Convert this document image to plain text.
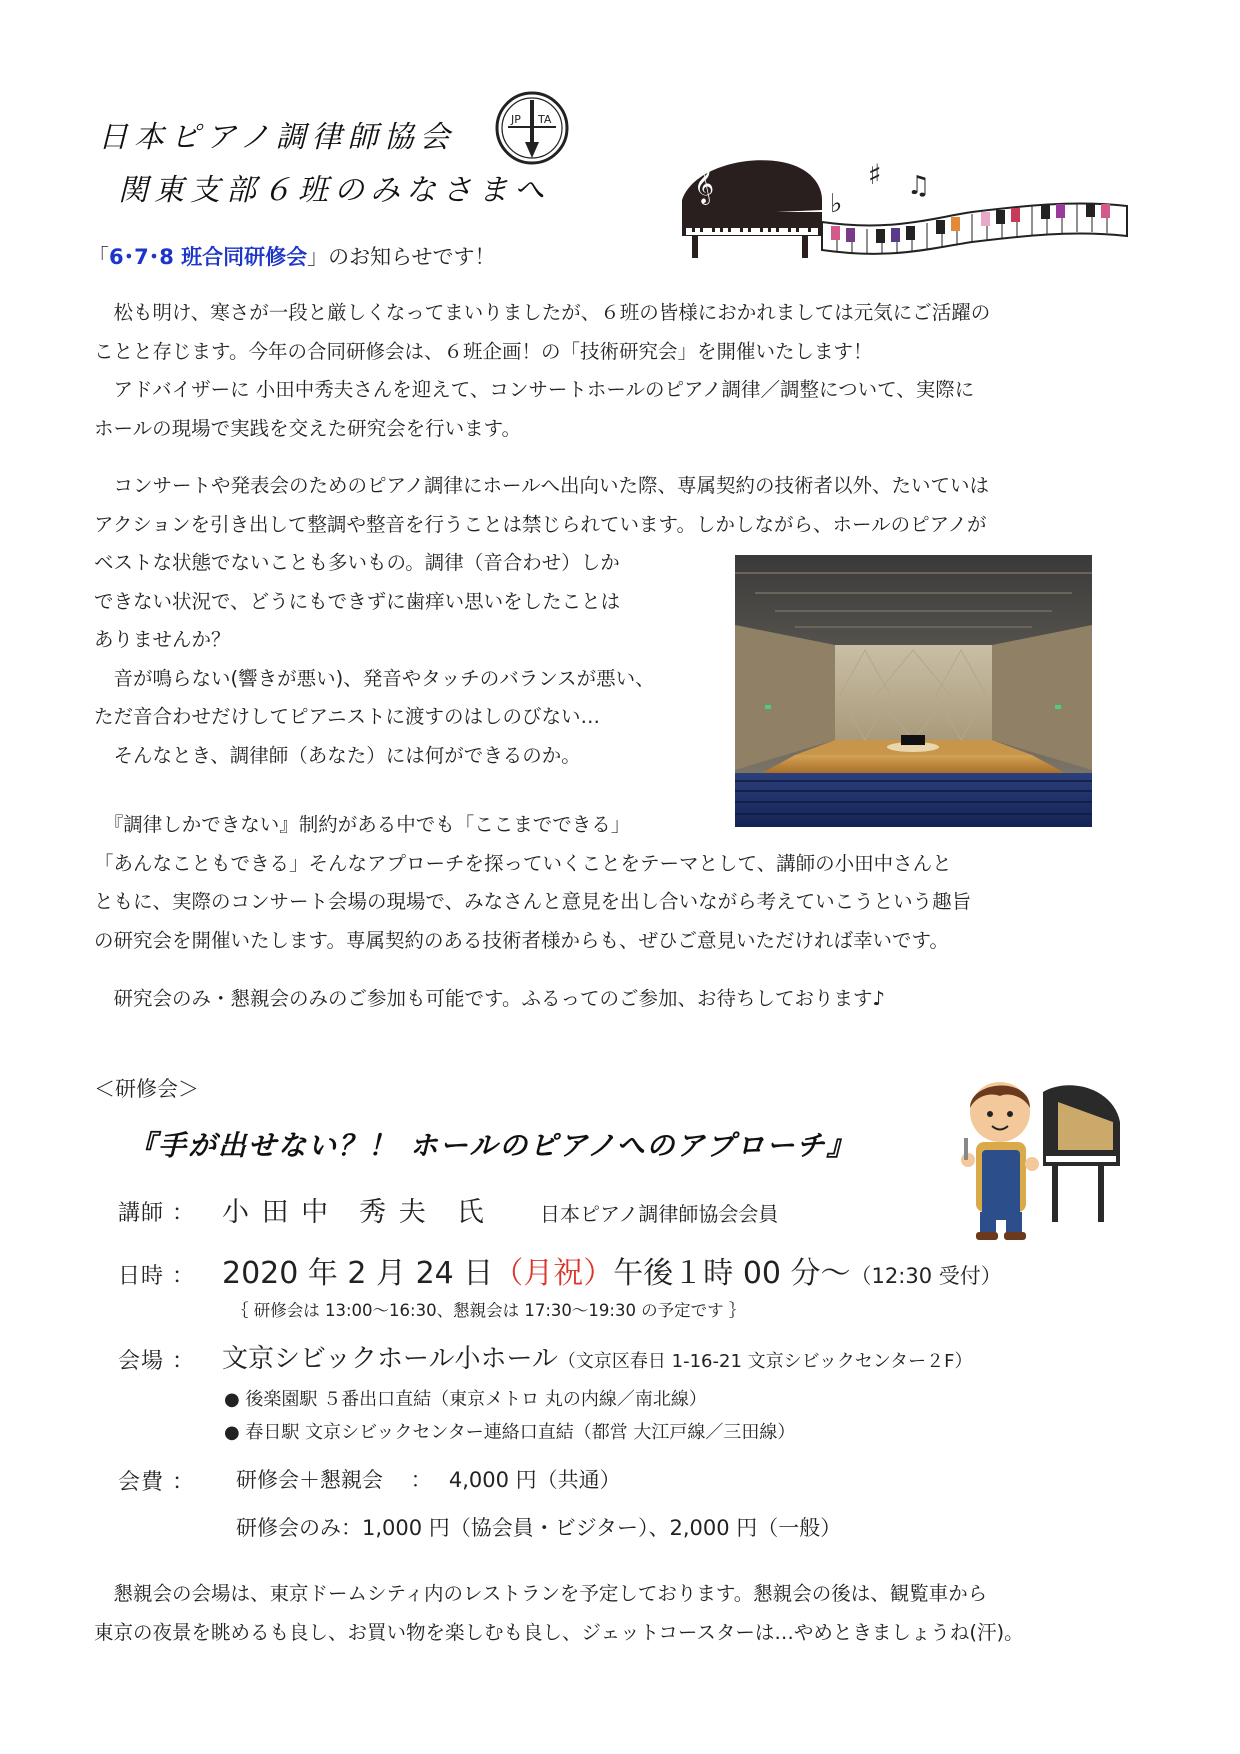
日本ピアノ調律師協会
関東支部６班のみなさまへ
JP TA
𝄞	♭
♯ ♫
「6･7･8 班合同研修会」のお知らせです！
　松も明け、寒さが一段と厳しくなってまいりましたが、６班の皆様におかれましては元気にご活躍の
ことと存じます。今年の合同研修会は、６班企画！の「技術研究会」を開催いたします！
　アドバイザーに 小田中秀夫さんを迎えて、コンサートホールのピアノ調律／調整について、実際に
ホールの現場で実践を交えた研究会を行います。
　コンサートや発表会のためのピアノ調律にホールへ出向いた際、専属契約の技術者以外、たいていは
アクションを引き出して整調や整音を行うことは禁じられています。しかしながら、ホールのピアノが
ベストな状態でないことも多いもの。調律（音合わせ）しか
できない状況で、どうにもできずに歯痒い思いをしたことは
ありませんか？
　音が鳴らない(響きが悪い)、発音やタッチのバランスが悪い、
ただ音合わせだけしてピアニストに渡すのはしのびない…
　そんなとき、調律師（あなた）には何ができるのか。
　『調律しかできない』制約がある中でも「ここまでできる」
「あんなこともできる」そんなアプローチを探っていくことをテーマとして、講師の小田中さんと
ともに、実際のコンサート会場の現場で、みなさんと意見を出し合いながら考えていこうという趣旨
の研究会を開催いたします。専属契約のある技術者様からも、ぜひご意見いただければ幸いです。
　研究会のみ・懇親会のみのご参加も可能です。ふるってのご参加、お待ちしております♪
＜研修会＞
『手が出せない？！ ホールのピアノへのアプローチ』
講師 ： 小 田 中　秀 夫　氏	日本ピアノ調律師協会会員
日時 ： 2020 年 2 月 24 日（月祝）午後１時 00 分～（12:30 受付）
｛ 研修会は 13:00～16:30、懇親会は 17:30～19:30 の予定です ｝
会場 ： 文京シビックホール小ホール（文京区春日 1-16-21 文京シビックセンター２F）
● 後楽園駅 ５番出口直結（東京メトロ 丸の内線／南北線）
● 春日駅 文京シビックセンター連絡口直結（都営 大江戸線／三田線）
会費 ： 研修会＋懇親会　 ：　 4,000 円（共通）
研修会のみ：1,000 円（協会員・ビジター）、2,000 円（一般）
　懇親会の会場は、東京ドームシティ内のレストランを予定しております。懇親会の後は、観覧車から
東京の夜景を眺めるも良し、お買い物を楽しむも良し、ジェットコースターは…やめときましょうね(汗)。
